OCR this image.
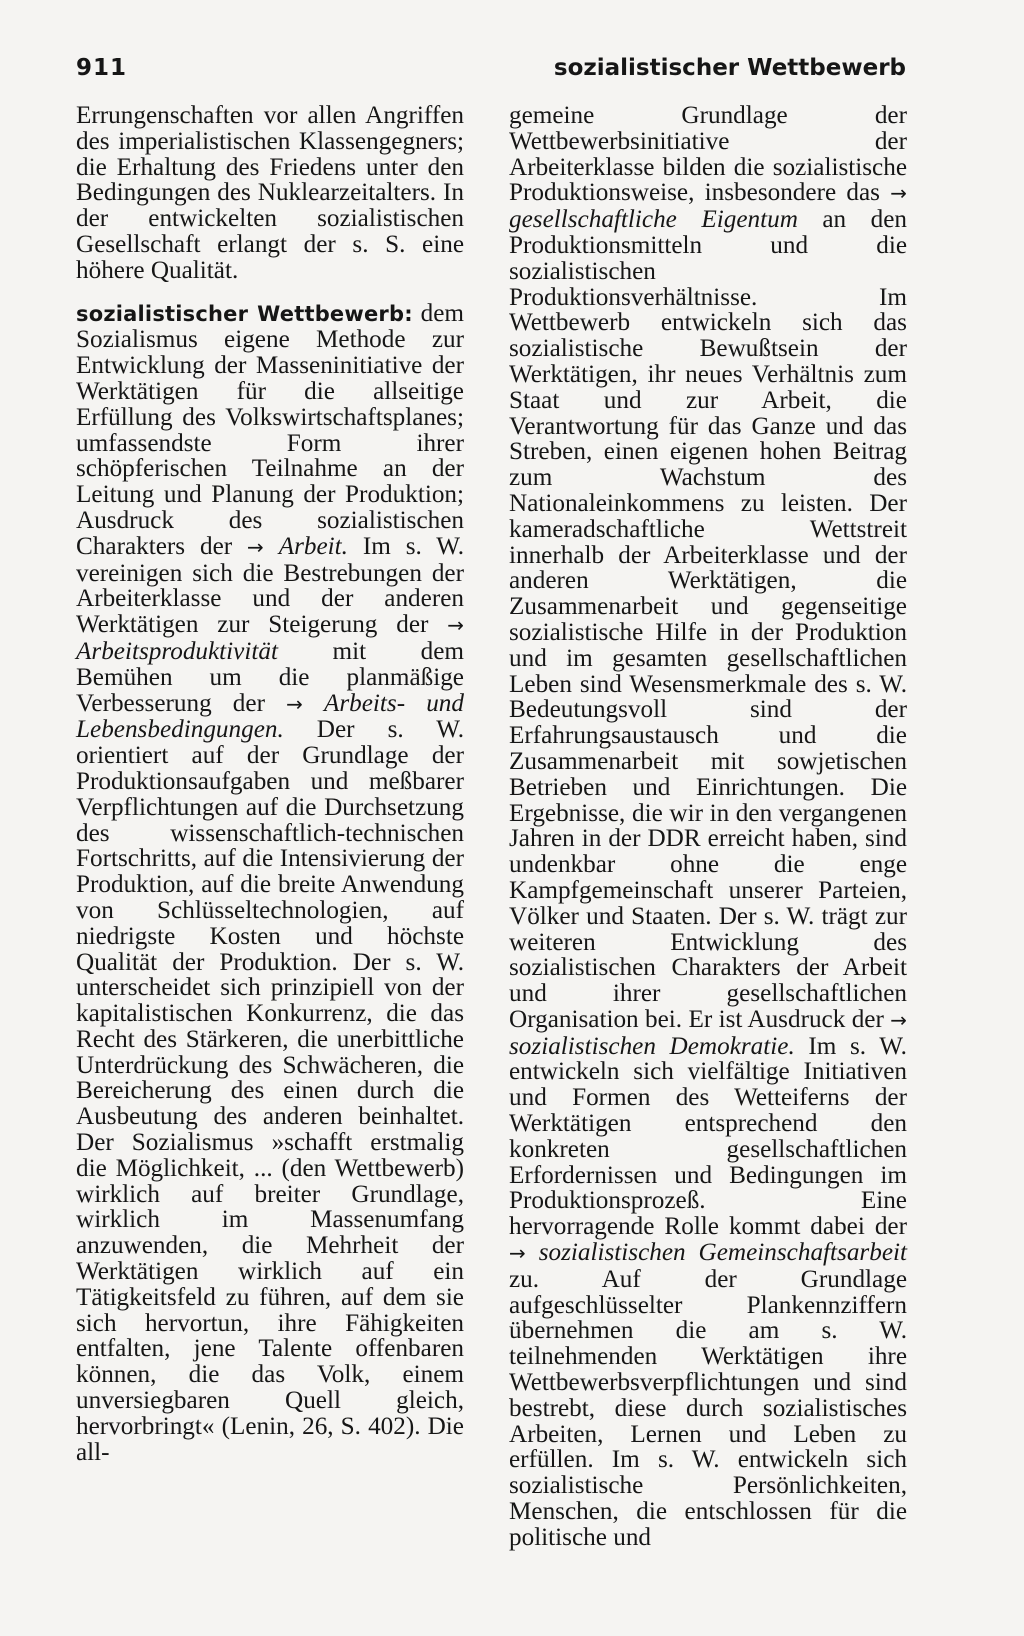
911	sozialistischer Wettbewerb

Errungenschaften vor allen Angriffen des imperialistischen Klassengegners; die Erhaltung des Friedens unter den Bedingungen des Nuklearzeitalters. In der entwickelten sozialistischen Gesellschaft erlangt der s. S. eine höhere Qualität.

sozialistischer Wettbewerb: dem Sozialismus eigene Methode zur Entwicklung der Masseninitiative der Werktätigen für die allseitige Erfüllung des Volkswirtschaftsplanes; umfassendste Form ihrer schöpferischen Teilnahme an der Leitung und Planung der Produktion; Ausdruck des sozialistischen Charakters der → Arbeit. Im s. W. vereinigen sich die Bestrebungen der Arbeiterklasse und der anderen Werktätigen zur Steigerung der → Arbeitsproduktivität mit dem Bemühen um die planmäßige Verbesserung der → Arbeits- und Lebensbedingungen. Der s. W. orientiert auf der Grundlage der Produktionsaufgaben und meßbarer Verpflichtungen auf die Durchsetzung des wissenschaftlich-technischen Fortschritts, auf die Intensivierung der Produktion, auf die breite Anwendung von Schlüsseltechnologien, auf niedrigste Kosten und höchste Qualität der Produktion. Der s. W. unterscheidet sich prinzipiell von der kapitalistischen Konkurrenz, die das Recht des Stärkeren, die unerbittliche Unterdrückung des Schwächeren, die Bereicherung des einen durch die Ausbeutung des anderen beinhaltet. Der Sozialismus »schafft erstmalig die Möglichkeit, ... (den Wettbewerb) wirklich auf breiter Grundlage, wirklich im Massenumfang anzuwenden, die Mehrheit der Werktätigen wirklich auf ein Tätigkeitsfeld zu führen, auf dem sie sich hervortun, ihre Fähigkeiten entfalten, jene Talente offenbaren können, die das Volk, einem unversiegbaren Quell gleich, hervorbringt« (Lenin, 26, S. 402). Die all-

gemeine Grundlage der Wettbewerbsinitiative der Arbeiterklasse bilden die sozialistische Produktionsweise, insbesondere das → gesellschaftliche Eigentum an den Produktionsmitteln und die sozialistischen Produktionsverhältnisse. Im Wettbewerb entwickeln sich das sozialistische Bewußtsein der Werktätigen, ihr neues Verhältnis zum Staat und zur Arbeit, die Verantwortung für das Ganze und das Streben, einen eigenen hohen Beitrag zum Wachstum des Nationaleinkommens zu leisten. Der kameradschaftliche Wettstreit innerhalb der Arbeiterklasse und der anderen Werktätigen, die Zusammenarbeit und gegenseitige sozialistische Hilfe in der Produktion und im gesamten gesellschaftlichen Leben sind Wesensmerkmale des s. W. Bedeutungsvoll sind der Erfahrungsaustausch und die Zusammenarbeit mit sowjetischen Betrieben und Einrichtungen. Die Ergebnisse, die wir in den vergangenen Jahren in der DDR erreicht haben, sind undenkbar ohne die enge Kampfgemeinschaft unserer Parteien, Völker und Staaten. Der s. W. trägt zur weiteren Entwicklung des sozialistischen Charakters der Arbeit und ihrer gesellschaftlichen Organisation bei. Er ist Ausdruck der → sozialistischen Demokratie. Im s. W. entwickeln sich vielfältige Initiativen und Formen des Wetteiferns der Werktätigen entsprechend den konkreten gesellschaftlichen Erfordernissen und Bedingungen im Produktionsprozeß. Eine hervorragende Rolle kommt dabei der → sozialistischen Gemeinschaftsarbeit zu. Auf der Grundlage aufgeschlüsselter Plankennziffern übernehmen die am s. W. teilnehmenden Werktätigen ihre Wettbewerbsverpflichtungen und sind bestrebt, diese durch sozialistisches Arbeiten, Lernen und Leben zu erfüllen. Im s. W. entwickeln sich sozialistische Persönlichkeiten, Menschen, die entschlossen für die politische und
